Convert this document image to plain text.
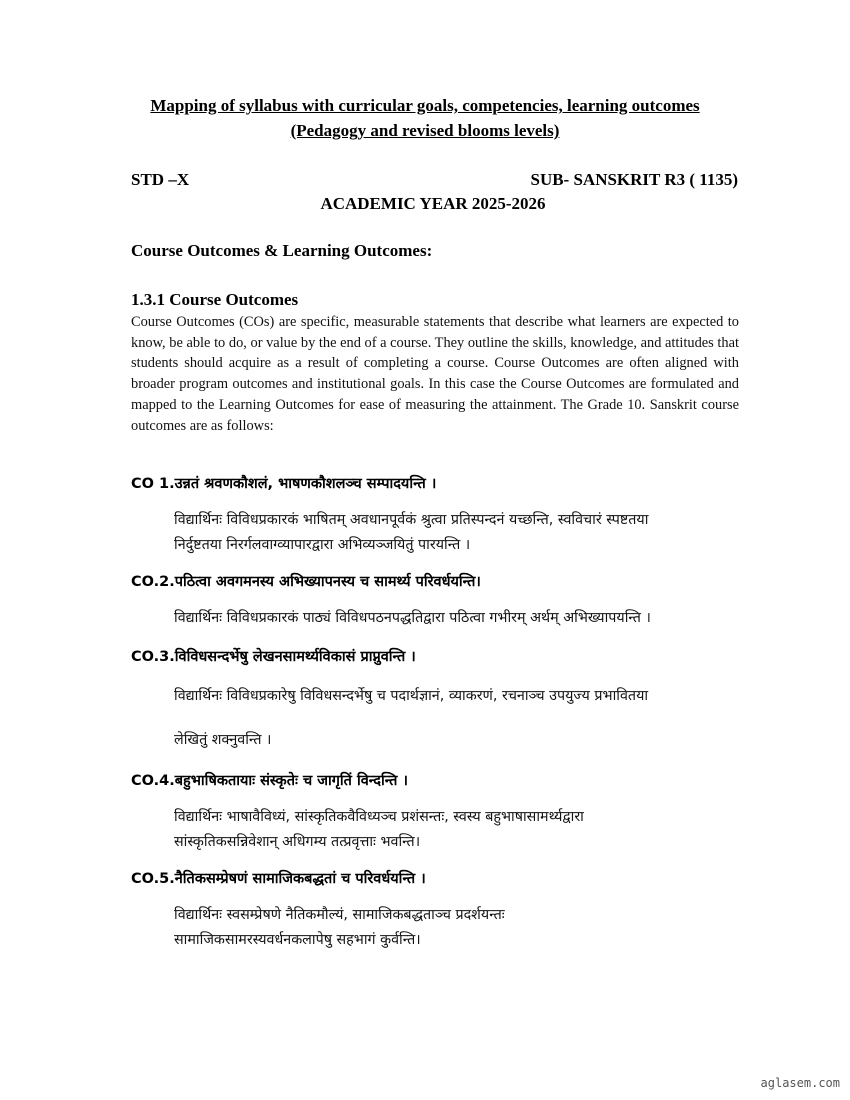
Mapping of syllabus with curricular goals, competencies, learning outcomes
(Pedagogy and revised blooms levels)
STD –X	SUB- SANSKRIT R3 ( 1135)
ACADEMIC YEAR 2025-2026
Course Outcomes & Learning Outcomes:
1.3.1 Course Outcomes
Course Outcomes (COs) are specific, measurable statements that describe what learners are expected to know, be able to do, or value by the end of a course. They outline the skills, knowledge, and attitudes that students should acquire as a result of completing a course. Course Outcomes are often aligned with broader program outcomes and institutional goals. In this case the Course Outcomes are formulated and mapped to the Learning Outcomes for ease of measuring the attainment. The Grade 10. Sanskrit course outcomes are as follows:
CO 1.उन्नतं श्रवणकौशलं, भाषणकौशलञ्च सम्पादयन्ति ।
विद्यार्थिनः विविधप्रकारकं भाषितम् अवधानपूर्वकं श्रुत्वा प्रतिस्पन्दनं यच्छन्ति, स्वविचारं स्पष्टतया
निर्दुष्टतया निरर्गलवाग्व्यापारद्वारा अभिव्यञ्जयितुं पारयन्ति ।
CO.2.पठित्वा अवगमनस्य अभिख्यापनस्य च सामर्थ्य परिवर्धयन्ति।
विद्यार्थिनः विविधप्रकारकं पाठ्यं विविधपठनपद्धतिद्वारा पठित्वा गभीरम् अर्थम् अभिख्यापयन्ति ।
CO.3.विविधसन्दर्भेषु लेखनसामर्थ्यविकासं प्राप्नुवन्ति ।
विद्यार्थिनः विविधप्रकारेषु विविधसन्दर्भेषु च पदार्थज्ञानं, व्याकरणं, रचनाञ्च उपयुज्य प्रभावितया
लेखितुं शक्नुवन्ति ।
CO.4.बहुभाषिकतायाः संस्कृतेः च जागृतिं विन्दन्ति ।
विद्यार्थिनः भाषावैविध्यं, सांस्कृतिकवैविध्यञ्च प्रशंसन्तः, स्वस्य बहुभाषासामर्थ्यद्वारा
सांस्कृतिकसन्निवेशान् अधिगम्य तत्प्रवृत्ताः भवन्ति।
CO.5.नैतिकसम्प्रेषणं सामाजिकबद्धतां च परिवर्धयन्ति ।
विद्यार्थिनः स्वसम्प्रेषणे नैतिकमौल्यं, सामाजिकबद्धताञ्च प्रदर्शयन्तः
सामाजिकसामरस्यवर्धनकलापेषु सहभागं कुर्वन्ति।
aglasem.com
